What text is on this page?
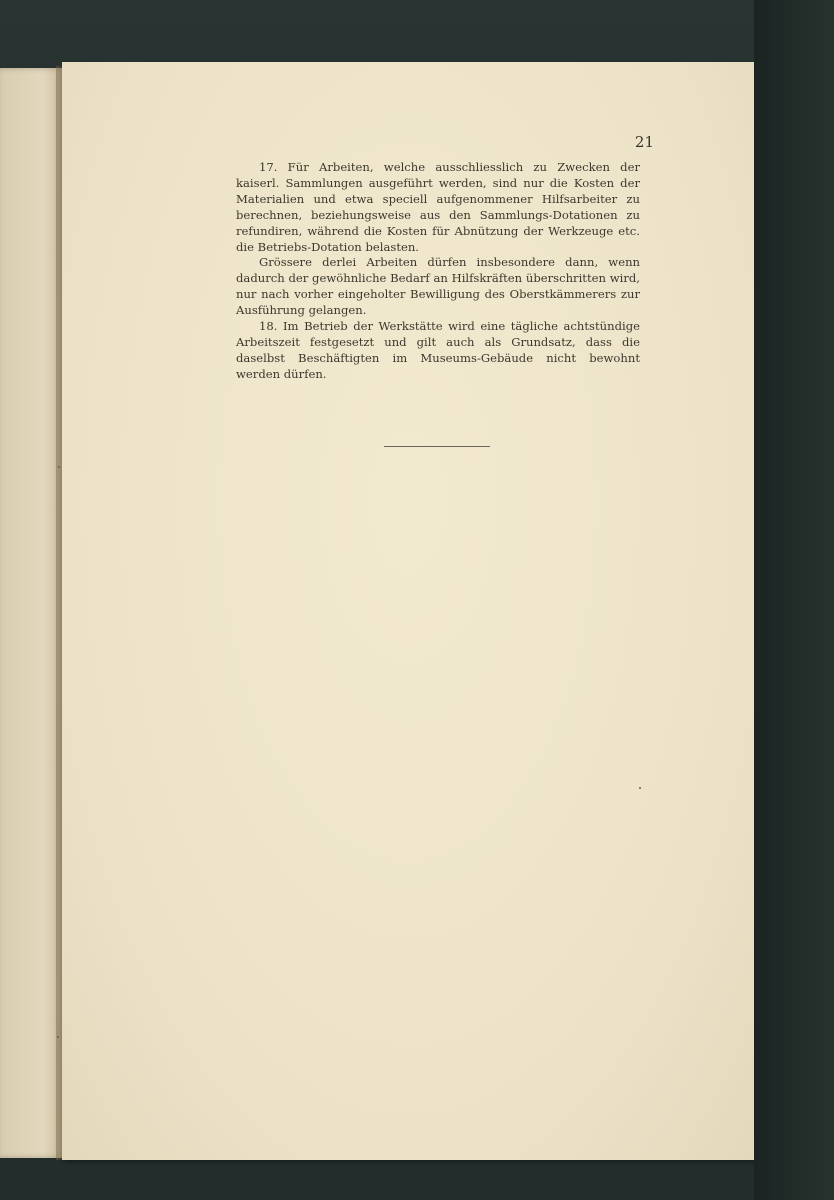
21

17. Für Arbeiten, welche ausschliesslich zu Zwecken der kaiserl. Sammlungen ausgeführt werden, sind nur die Kosten der Materialien und etwa speciell aufgenommener Hilfsarbeiter zu berechnen, beziehungsweise aus den Sammlungs-Dotationen zu refundiren, während die Kosten für Abnützung der Werkzeuge etc. die Betriebs-Dotation belasten.

Grössere derlei Arbeiten dürfen insbesondere dann, wenn dadurch der gewöhnliche Bedarf an Hilfskräften überschritten wird, nur nach vorher eingeholter Bewilligung des Oberstkämmerers zur Ausführung gelangen.

18. Im Betrieb der Werkstätte wird eine tägliche achtstündige Arbeitszeit festgesetzt und gilt auch als Grundsatz, dass die daselbst Beschäftigten im Museums-Gebäude nicht bewohnt werden dürfen.
